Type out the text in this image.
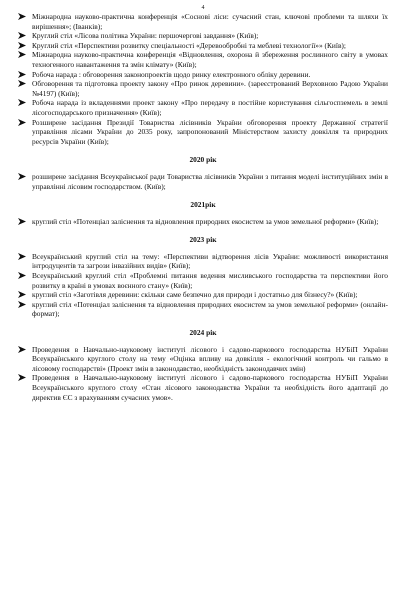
4
Міжнародна науково-практична конференція «Соснові ліси: сучасний стан, ключові проблеми та шляхи їх вирішення»; (Іванків);
Круглий стіл «Лісова політика України: першочергові завдання» (Київ);
Круглий стіл «Перспективи розвитку спеціальності «Деревообробні та меблеві технології»» (Київ);
Міжнародна науково-практична конференція «Відновлення, охорона й збереження рослинного світу в умовах техногенного навантаження та змін клімату» (Київ);
Робоча нарада : обговорення законопроектів щодо ринку електронного обліку деревини.
Обговорення та підготовка проекту закону «Про ринок деревини». (зареєстрований Верховною Радою України №4197) (Київ);
Робоча нарада із вкладеннями проект закону «Про передачу в постійне користування сільгоспземель в землі лісогосподарського призначення» (Київ);
Розширене засідання Президії Товариства лісівників України обговорення проекту Державної стратегії управління лісами України до 2035 року, запропонований Міністерством захисту довкілля та природних ресурсів України (Київ);
2020 рік
розширене засідання Всеукраїнської ради Товариства лісівників України з питання моделі інституційних змін в управлінні лісовим господарством. (Київ);
2021рік
круглий стіл «Потенціал заліснення та відновлення природних екосистем за умов земельної реформи» (Київ);
2023 рік
Всеукраїнський круглий стіл на тему: «Перспективи відтворення лісів України: можливості використання інтродуцентів та загрози інвазійних видів» (Київ);
Всеукраїнський круглий стіл «Проблемні питання ведення мисливського господарства та перспективи його розвитку в країні в умовах воєнного стану» (Київ);
круглий стіл «Заготівля деревини: скільки саме безпечно для природи і достатньо для бізнесу?» (Київ);
круглий стіл «Потенціал заліснення та відновлення природних екосистем за умов земельної реформи» (онлайн-формат);
2024 рік
Проведення в Навчально-науковому інституті лісового і садово-паркового господарства НУБіП України Всеукраїнського круглого столу на тему «Оцінка впливу на довкілля - екологічний контроль чи гальмо в лісовому господарстві» (Проект змін в законодавство, необхідність законодавчих змін)
Проведення в Навчально-науковому інституті лісового і садово-паркового господарства НУБіП України Всеукраїнського круглого столу «Стан лісового законодавства України та необхідність його адаптації до директив ЄС з врахуванням сучасних умов».
